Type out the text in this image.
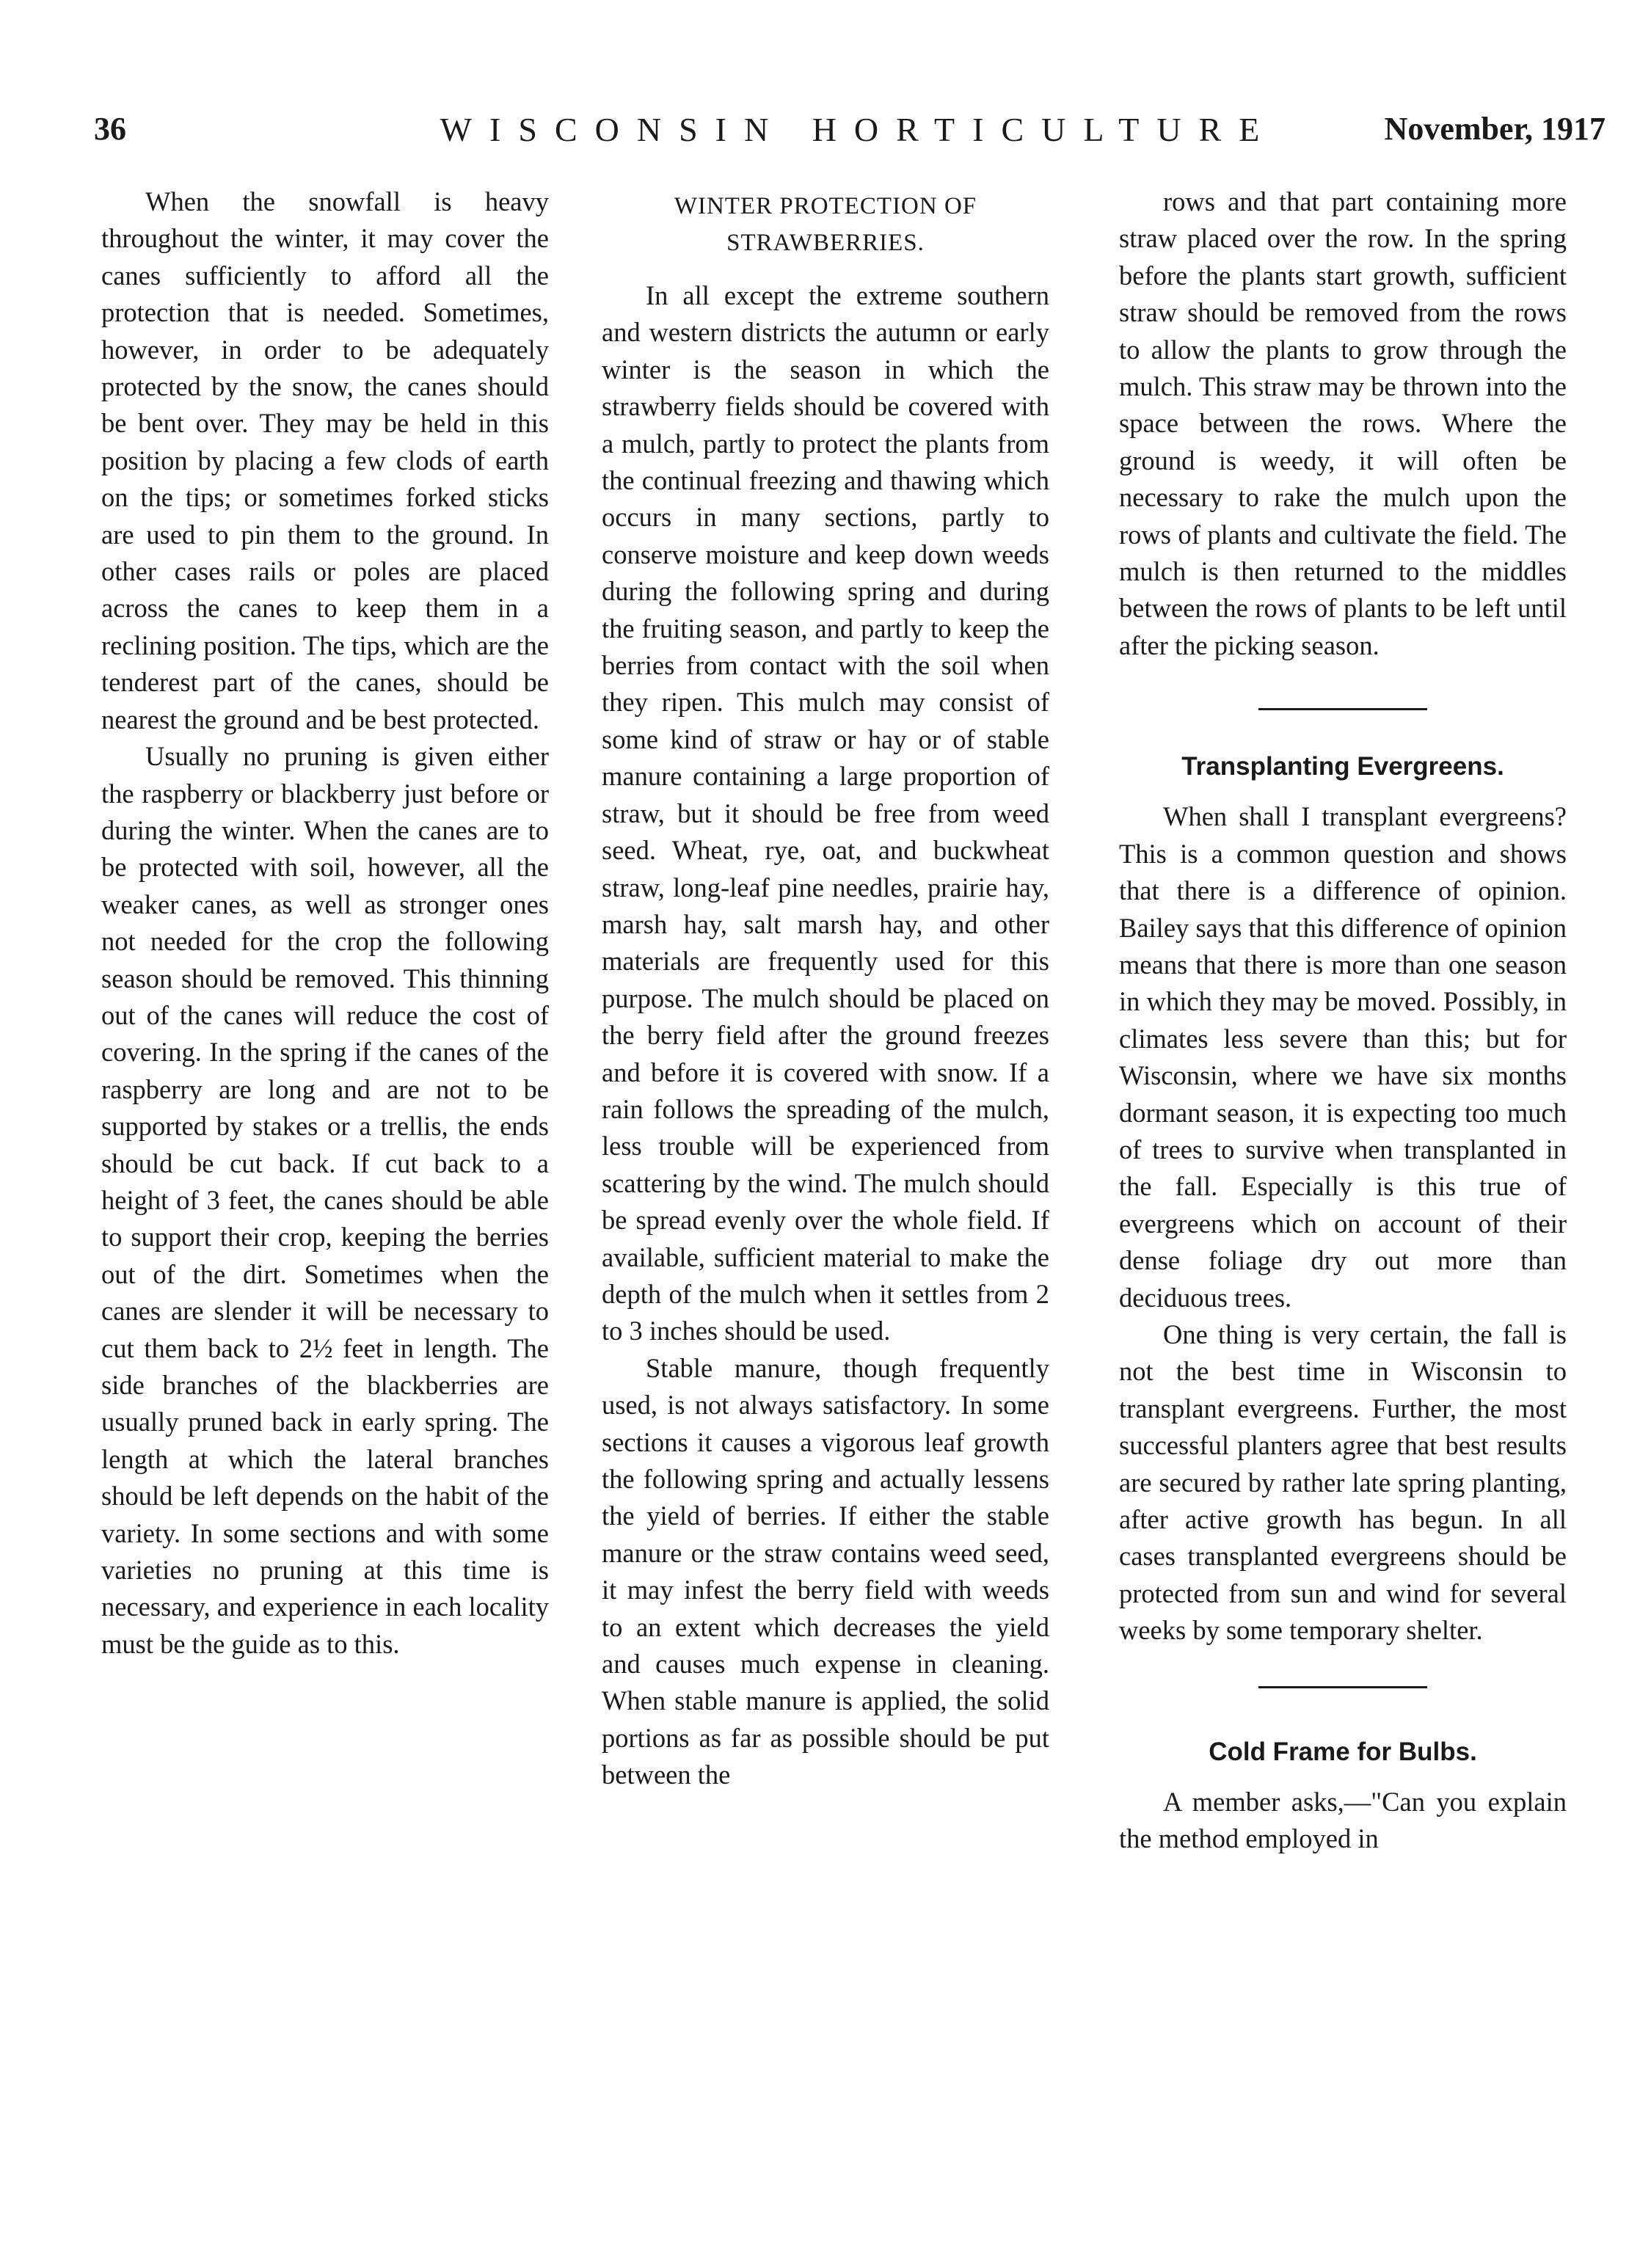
36	WISCONSIN HORTICULTURE	November, 1917

When the snowfall is heavy throughout the winter, it may cover the canes sufficiently to afford all the protection that is needed. Sometimes, however, in order to be adequately protected by the snow, the canes should be bent over. They may be held in this position by placing a few clods of earth on the tips; or sometimes forked sticks are used to pin them to the ground. In other cases rails or poles are placed across the canes to keep them in a reclining position. The tips, which are the tenderest part of the canes, should be nearest the ground and be best protected.

Usually no pruning is given either the raspberry or blackberry just before or during the winter. When the canes are to be protected with soil, however, all the weaker canes, as well as stronger ones not needed for the crop the following season should be removed. This thinning out of the canes will reduce the cost of covering. In the spring if the canes of the raspberry are long and are not to be supported by stakes or a trellis, the ends should be cut back. If cut back to a height of 3 feet, the canes should be able to support their crop, keeping the berries out of the dirt. Sometimes when the canes are slender it will be necessary to cut them back to 2½ feet in length. The side branches of the blackberries are usually pruned back in early spring. The length at which the lateral branches should be left depends on the habit of the variety. In some sections and with some varieties no pruning at this time is necessary, and experience in each locality must be the guide as to this.

WINTER PROTECTION OF STRAWBERRIES.

In all except the extreme southern and western districts the autumn or early winter is the season in which the strawberry fields should be covered with a mulch, partly to protect the plants from the continual freezing and thawing which occurs in many sections, partly to conserve moisture and keep down weeds during the following spring and during the fruiting season, and partly to keep the berries from contact with the soil when they ripen. This mulch may consist of some kind of straw or hay or of stable manure containing a large proportion of straw, but it should be free from weed seed. Wheat, rye, oat, and buckwheat straw, long-leaf pine needles, prairie hay, marsh hay, salt marsh hay, and other materials are frequently used for this purpose. The mulch should be placed on the berry field after the ground freezes and before it is covered with snow. If a rain follows the spreading of the mulch, less trouble will be experienced from scattering by the wind. The mulch should be spread evenly over the whole field. If available, sufficient material to make the depth of the mulch when it settles from 2 to 3 inches should be used.

Stable manure, though frequently used, is not always satisfactory. In some sections it causes a vigorous leaf growth the following spring and actually lessens the yield of berries. If either the stable manure or the straw contains weed seed, it may infest the berry field with weeds to an extent which decreases the yield and causes much expense in cleaning. When stable manure is applied, the solid portions as far as possible should be put between the

rows and that part containing more straw placed over the row. In the spring before the plants start growth, sufficient straw should be removed from the rows to allow the plants to grow through the mulch. This straw may be thrown into the space between the rows. Where the ground is weedy, it will often be necessary to rake the mulch upon the rows of plants and cultivate the field. The mulch is then returned to the middles between the rows of plants to be left until after the picking season.

Transplanting Evergreens.

When shall I transplant evergreens? This is a common question and shows that there is a difference of opinion. Bailey says that this difference of opinion means that there is more than one season in which they may be moved. Possibly, in climates less severe than this; but for Wisconsin, where we have six months dormant season, it is expecting too much of trees to survive when transplanted in the fall. Especially is this true of evergreens which on account of their dense foliage dry out more than deciduous trees.

One thing is very certain, the fall is not the best time in Wisconsin to transplant evergreens. Further, the most successful planters agree that best results are secured by rather late spring planting, after active growth has begun. In all cases transplanted evergreens should be protected from sun and wind for several weeks by some temporary shelter.

Cold Frame for Bulbs.

A member asks,—"Can you explain the method employed in
